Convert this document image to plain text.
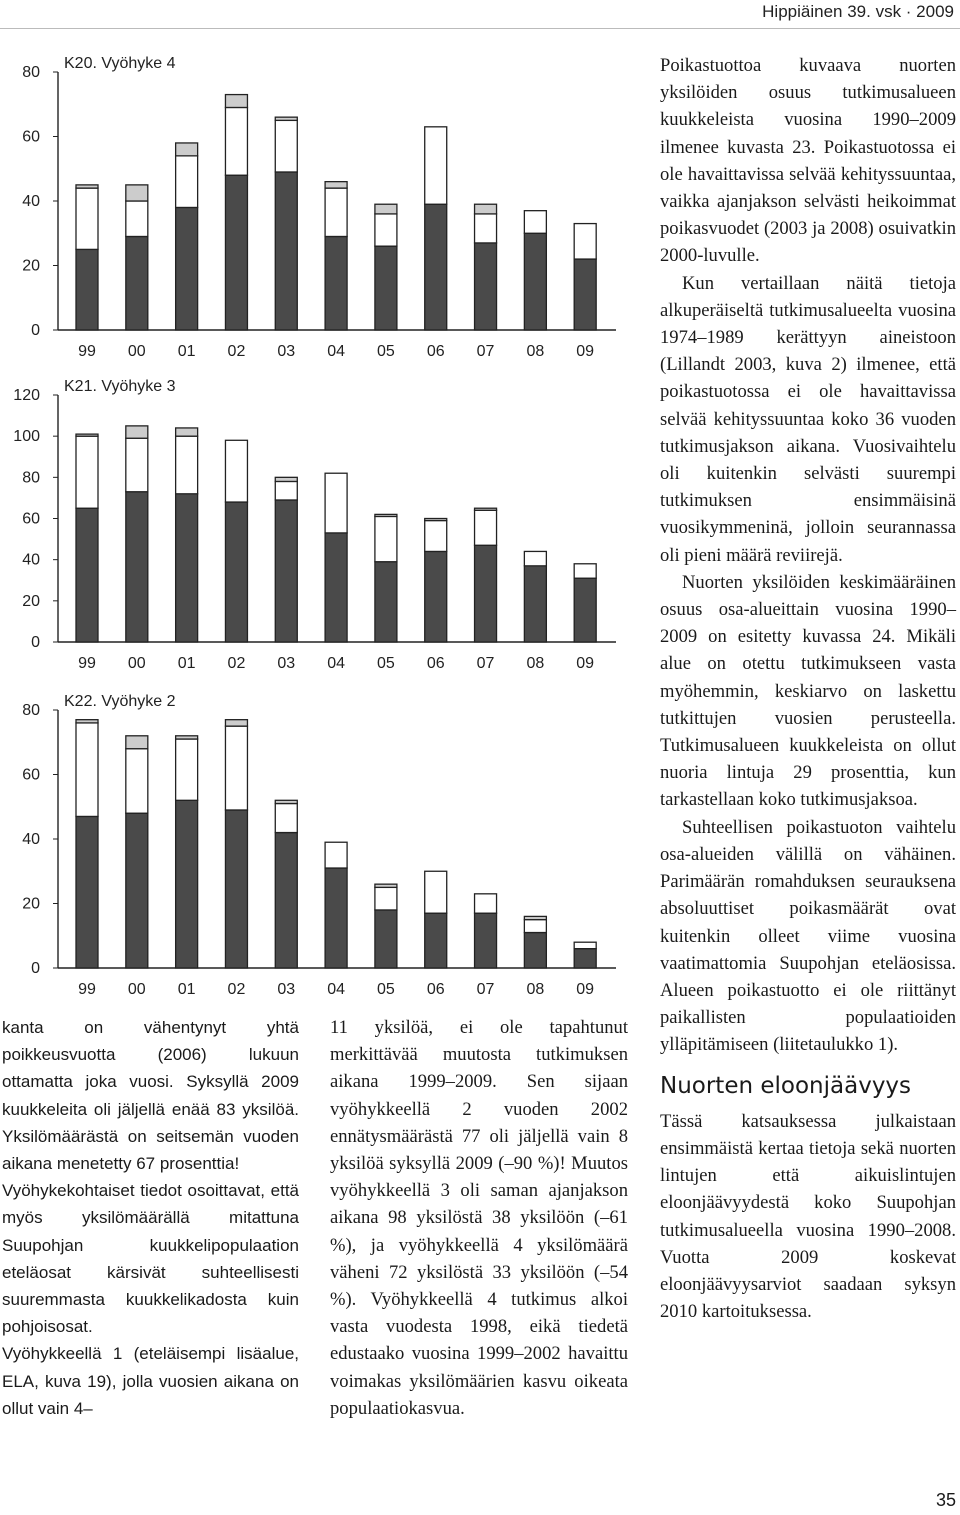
Hippiäinen 39. vsk · 2009
K20. Vyöhyke 4
0
20
40
60
80
99 00 01 02 03 04 05 06 07 08 09
K21. Vyöhyke 3
0
20
40
60
80
100
120
99 00 01 02 03 04 05 06 07 08 09
K22. Vyöhyke 2
0
20
40
60
80
99 00 01 02 03 04 05 06 07 08 09

kanta on vähentynyt yhtä poikkeusvuotta (2006) lukuun ottamatta joka vuosi. Syksyllä 2009 kuukkeleita oli jäljellä enää 83 yksilöä. Yksilömäärästä on seitsemän vuoden aikana menetetty 67 prosenttia!

Vyöhykekohtaiset tiedot osoittavat, että myös yksilömäärällä mitattuna Suupohjan kuukkelipopulaation eteläosat kärsivät suhteellisesti suuremmasta kuukkelikadosta kuin pohjoisosat.

Vyöhykkeellä 1 (eteläisempi lisäalue, ELA, kuva 19), jolla vuosien aikana on ollut vain 4–

11 yksilöä, ei ole tapahtunut merkittävää muutosta tutkimuksen aikana 1999–2009. Sen sijaan vyöhykkeellä 2 vuoden 2002 ennätysmäärästä 77 oli jäljellä vain 8 yksilöä syksyllä 2009 (–90 %)! Muutos vyöhykkeellä 3 oli saman ajanjakson aikana 98 yksilöstä 38 yksilöön (–61 %), ja vyöhykkeellä 4 yksilömäärä väheni 72 yksilöstä 33 yksilöön (–54 %). Vyöhykkeellä 4 tutkimus alkoi vasta vuodesta 1998, eikä tiedetä edustaako vuosina 1999–2002 havaittu voimakas yksilömäärien kasvu oikeata populaatiokasvua.

Poikastuottoa kuvaava nuorten yksilöiden osuus tutkimusalueen kuukkeleista vuosina 1990–2009 ilmenee kuvasta 23. Poikastuotossa ei ole havaittavissa selvää kehityssuuntaa, vaikka ajanjakson selvästi heikoimmat poikasvuodet (2003 ja 2008) osuivatkin 2000-luvulle.

Kun vertaillaan näitä tietoja alkuperäiseltä tutkimusalueelta vuosina 1974–1989 kerättyyn aineistoon (Lillandt 2003, kuva 2) ilmenee, että poikastuotossa ei ole havaittavissa selvää kehityssuuntaa koko 36 vuoden tutkimusjakson aikana. Vuosivaihtelu oli kuitenkin selvästi suurempi tutkimuksen ensimmäisinä vuosikymmeninä, jolloin seurannassa oli pieni määrä reviirejä.

Nuorten yksilöiden keskimääräinen osuus osa-alueittain vuosina 1990–2009 on esitetty kuvassa 24. Mikäli alue on otettu tutkimukseen vasta myöhemmin, keskiarvo on laskettu tutkittujen vuosien perusteella. Tutkimusalueen kuukkeleista on ollut nuoria lintuja 29 prosenttia, kun tarkastellaan koko tutkimusjaksoa.

Suhteellisen poikastuoton vaihtelu osa-alueiden välillä on vähäinen. Parimäärän romahduksen seurauksena absoluuttiset poikasmäärät ovat kuitenkin olleet viime vuosina vaatimattomia Suupohjan eteläosissa. Alueen poikastuotto ei ole riittänyt paikallisten populaatioiden ylläpitämiseen (liitetaulukko 1).

Nuorten eloonjäävyys

Tässä katsauksessa julkaistaan ensimmäistä kertaa tietoja sekä nuorten lintujen että aikuislintujen eloonjäävyydestä koko Suupohjan tutkimusalueella vuosina 1990–2008. Vuotta 2009 koskevat eloonjäävyysarviot saadaan syksyn 2010 kartoituksessa.

35
